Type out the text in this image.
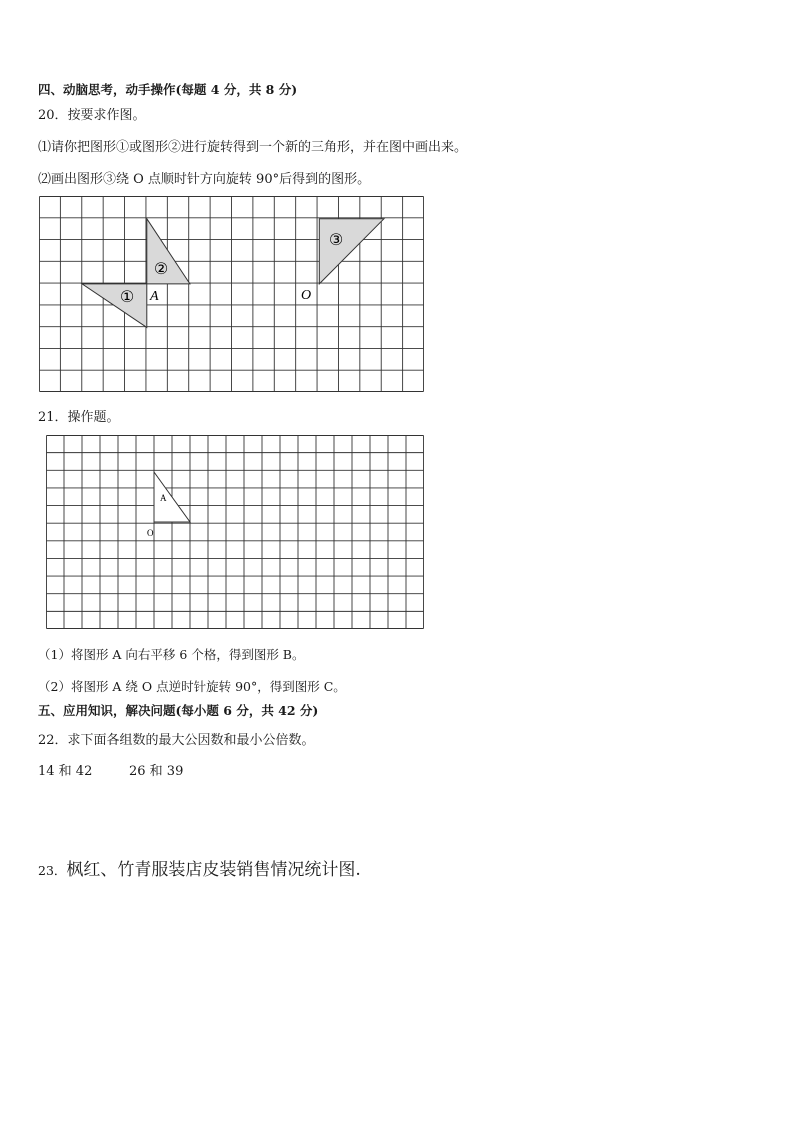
四、动脑思考，动手操作(每题 4 分，共 8 分)
20．按要求作图。
⑴请你把图形①或图形②进行旋转得到一个新的三角形，并在图中画出来。
⑵画出图形③绕 O 点顺时针方向旋转 90°后得到的图形。
①
②
③
A	O
21．操作题。
A
O
（1）将图形 A 向右平移 6 个格，得到图形 B。
（2）将图形 A 绕 O 点逆时针旋转 90°，得到图形 C。
五、应用知识，解决问题(每小题 6 分，共 42 分)
22．求下面各组数的最大公因数和最小公倍数。
14 和 42	26 和 39
23．枫红、竹青服装店皮装销售情况统计图.
